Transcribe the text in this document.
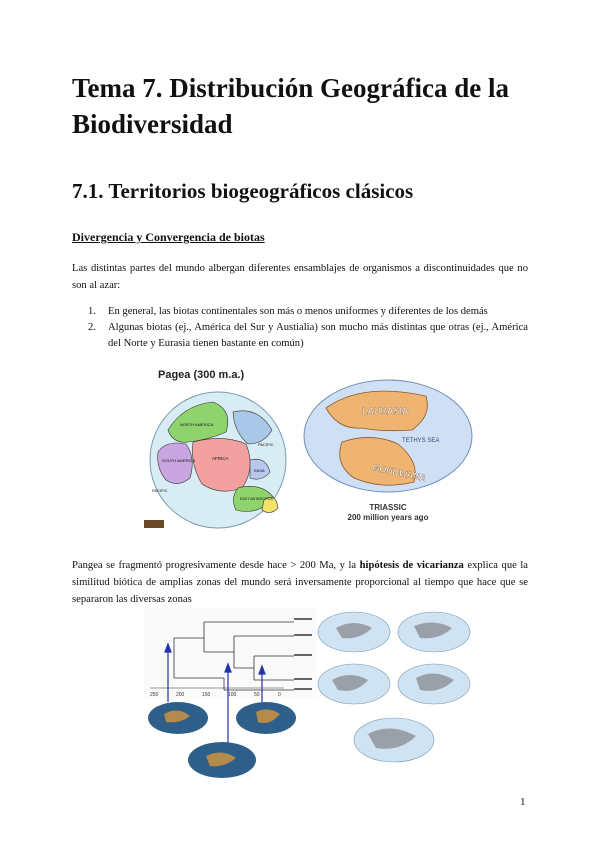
Tema 7. Distribución Geográfica de la Biodiversidad
7.1. Territorios biogeográficos clásicos
Divergencia y Convergencia de biotas

Las distintas partes del mundo albergan diferentes ensamblajes de organismos a discontinuidades que no son al azar:

1. En general, las biotas continentales son más o menos uniformes y diferentes de los demás
2. Algunas biotas (ej., América del Sur y Austialia) son mucho más distintas que otras (ej., América del Norte y Eurasia tienen bastante en común)
Pagea (300 m.a.)
NORTH AMERICA
SOUTH AMERICA	AFRICA
PACIFIC
INDIA
EAST ANTARCTICA
PACIFIC
LAURASIA
GONDWANA
TETHYS SEA
TRIASSIC
200 million years ago

Pangea se fragmentó progresivamente desde hace > 200 Ma, y la hipótesis de vicarianza explica que la similitud biótica de amplias zonas del mundo será inversamente proporcional al tiempo que hace que se separaron las diversas zonas

250	200	150	100	50	0
1
